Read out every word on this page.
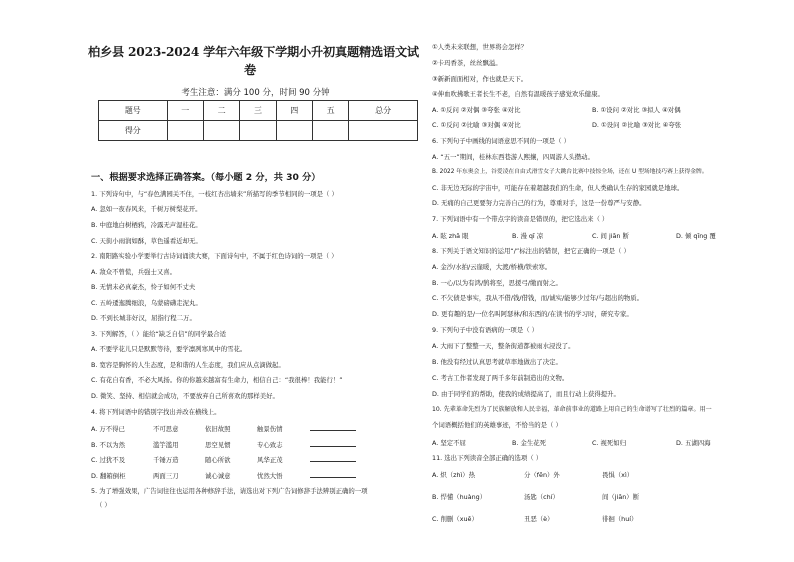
柏乡县 2023-2024 学年六年级下学期小升初真题精选语文试
卷
考生注意：满分 100 分，时间 90 分钟
题号	一	二	三	四	五	总分
得分						
一、根据要求选择正确答案。（每小题 2 分，共 30 分）
1. 下列诗句中，与“春色满园关不住，一枝红杏出墙来”所描写的季节相同的一项是（ ）
A. 忽如一夜春风来，千树万树梨花开。
B. 中庭地白树栖鸦，冷露无声湿桂花。
C. 天街小雨润如酥，草色遥看近却无。
2. 南阳路实验小学要举行古诗词诵读大赛，下面诗句中，不属于红色诗词的一项是（ ）
A. 敌众不曾慌，兵强士又喜。
B. 无情未必真豪杰，怜子如何不丈夫
C. 五岭逶迤腾细浪，乌蒙磅礴走泥丸。
D. 不到长城非好汉，屈指行程二万。
3. 下列解答，（ ）能给“缺乏自信”的同学最合适
A. 不要学花儿只是默默等待，要学凛冽寒风中的雪花。
B. 宽容是胸怀的人生态度，是和谐的人生态度，我们应从点滴做起。
C. 有花自有香，不必大风扬。你的你越来越富有生命力，相信自己：“我很棒！我能行！”
D. 微笑、坚持、相信就会成功，不要放弃自己所喜欢的那样美好。
4. 将下列词语中的错别字找出并改在横线上。
A. 万不得已	不可思意	依旧故照	触景伤情
B. 不以为然	滥竽滥用	思空见惯	专心致志
C. 过犹不及	千锤万造	随心所欲	风华正茂
D. 翻箱倒柜	两面三刀	诚心诚意	忧然大悟
5. 为了增强效果，广告词往往也运用各种修辞手法，请选出对下列广告词修辞手法辨别正确的一项
（ ）
①人类未来联想，世界将会怎样？
②卡玛香茶，丝丝飘溢。
③新新面面相对，作也就是天下。
④伸血吹拂歌王者长生不老，自然有温暖孩子感觉欢乐健康。
A. ①反问 ②对偶 ③夸张 ④对比	B. ①设问 ②对比 ③拟人 ④对偶
C. ①反问 ②比喻 ③对偶 ④对比	D. ①设问 ②比喻 ③对比 ④夸张
6. 下列句子中画线的词语意思不同的一项是（ ）
A. “五一”期间，桂林东西巷游人熙攘，四周游人头攒动。
B. 2022 年东奥会上，谷爱凌在自由式滑雪女子大跳台比赛中技惊全场，还在 U 型场地技巧赛上获得金牌。
C. 非无边无际的宇宙中，可能存在着超越我们的生命，但人类确认生存的家园就是地球。
D. 无痛的自己更要努力完善自己的行为，尊重对手，这是一份尊严与安静。
7. 下列词语中有一个带点字的读音是错误的，把它选出来（ ）
A. 眩 zhā 眼	B. 漫 qī 凉	C. 间 jiān 断	D. 倾 qīng 覆
8. 下列关于语文知识的运用“/”标注出的错误，把它正确的一项是（ ）
A. 金沙/水拍/云崖暖，大渡/桥横/铁索寒。
B. 一心/以为有鸿/鹄将至，思援弓/缴而射之。
C. 不欠债是事实，我从不借/钱/借钱，而/诚实/能够少过年/与超出的物质。
D. 更有趣的是/一位名叫阿瑟林/和东西的/在读书的学习时，研究专家。
9. 下列句子中没有语病的一项是（ ）
A. 大雨下了整整一天，整条街道都被雨水浸没了。
B. 他没有经过认真思考就草率地做出了决定。
C. 考古工作者发现了两千多年前制造出的文物。
D. 由于同学们的帮助，使我的成绩提高了，而且行动上获得提升。
10. 先辈革命先烈为了民族解放和人民幸福，革命前事业的道路上用自己的生命谱写了壮烈的篇章。用一
个词语概括他们的英雄事迹，不恰当的是（ ）
A. 坚定不屈	B. 金生花死	C. 视死如归	D. 五湖四海
11. 选出下列读音全部正确的选项（ ）
A. 炽（zhì）热	分（fēn）外	畏惧（xì）
B. 悍懂（huàng）	汤匙（chí）	间（jiān）断
C. 削删（xuē）	丑恶（è）	徘徊（huí）
